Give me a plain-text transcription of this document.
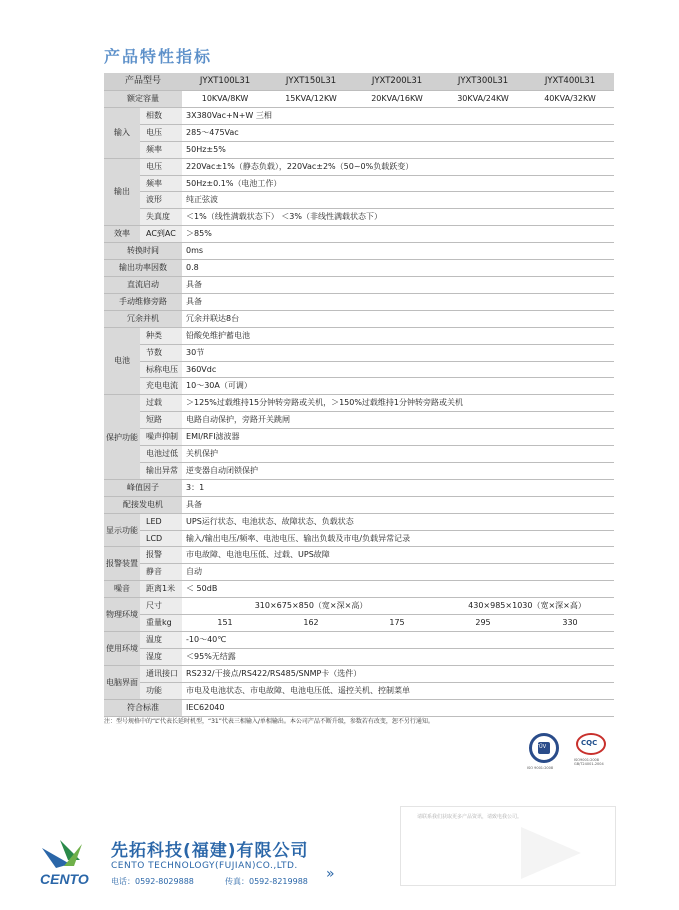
产品特性指标
产品型号		JYXT100L31	JYXT150L31	JYXT200L31	JYXT300L31	JYXT400L31
额定容量		10KVA/8KW	15KVA/12KW	20KVA/16KW	30KVA/24KW	40KVA/32KW
输入	相数	3X380Vac+N+W 三相				
	电压	285～475Vac				
	频率	50Hz±5%				
输出	电压	220Vac±1%（静态负载），220Vac±2%（50~0%负载跃变）				
	频率	50Hz±0.1%（电池工作）				
	波形	纯正弦波				
	失真度	＜1%（线性满载状态下） ＜3%（非线性满载状态下）				
效率	AC到AC	＞85%				
转换时间		0ms				
输出功率因数		0.8				
直流启动		具备				
手动维修旁路		具备				
冗余并机		冗余并联达8台				
电池	种类	铅酸免维护蓄电池				
	节数	30节				
	标称电压	360Vdc				
	充电电流	10～30A（可调）				
保护功能	过载	＞125%过载维持15分钟转旁路或关机，＞150%过载维持1分钟转旁路或关机				
	短路	电路自动保护，旁路开关跳闸				
	噪声抑制	EMI/RFI滤波器				
	电池过低	关机保护				
	输出异常	逆变器自动闭锁保护				
峰值因子		3：1				
配接发电机		具备				
显示功能	LED	UPS运行状态、电池状态、故障状态、负载状态				
	LCD	输入/输出电压/频率、电池电压、输出负载及市电/负载异常记录				
报警装置	报警	市电故障、电池电压低、过载、UPS故障				
	静音	自动				
噪音	距离1米	＜ 50dB				
物理环境	尺寸	310×675×850（宽×深×高）			430×985×1030（宽×深×高）	
	重量kg	151	162	175	295	330
使用环境	温度	-10～40℃				
	湿度	＜95%无结露				
电脑界面	通讯接口	RS232/干接点/RS422/RS485/SNMP卡（选件）				
	功能	市电及电池状态、市电故障、电池电压低、遥控关机、控制菜单				
符合标准		IEC62040				
注：型号规格中的“L”代表长延时机型，“31”代表三相输入/单相输出。本公司产品不断升级，参数若有改变，恕不另行通知。
TÜV
ISO 9001:2008
CQC
ISO9001:2008 GB/T24001-2004
请联系我们获取更多产品资讯，请致电我公司。
CENTO
先拓科技(福建)有限公司
CENTO TECHNOLOGY(FUJIAN)CO.,LTD.
电话：0592-8029888	传真：0592-8219988 »
